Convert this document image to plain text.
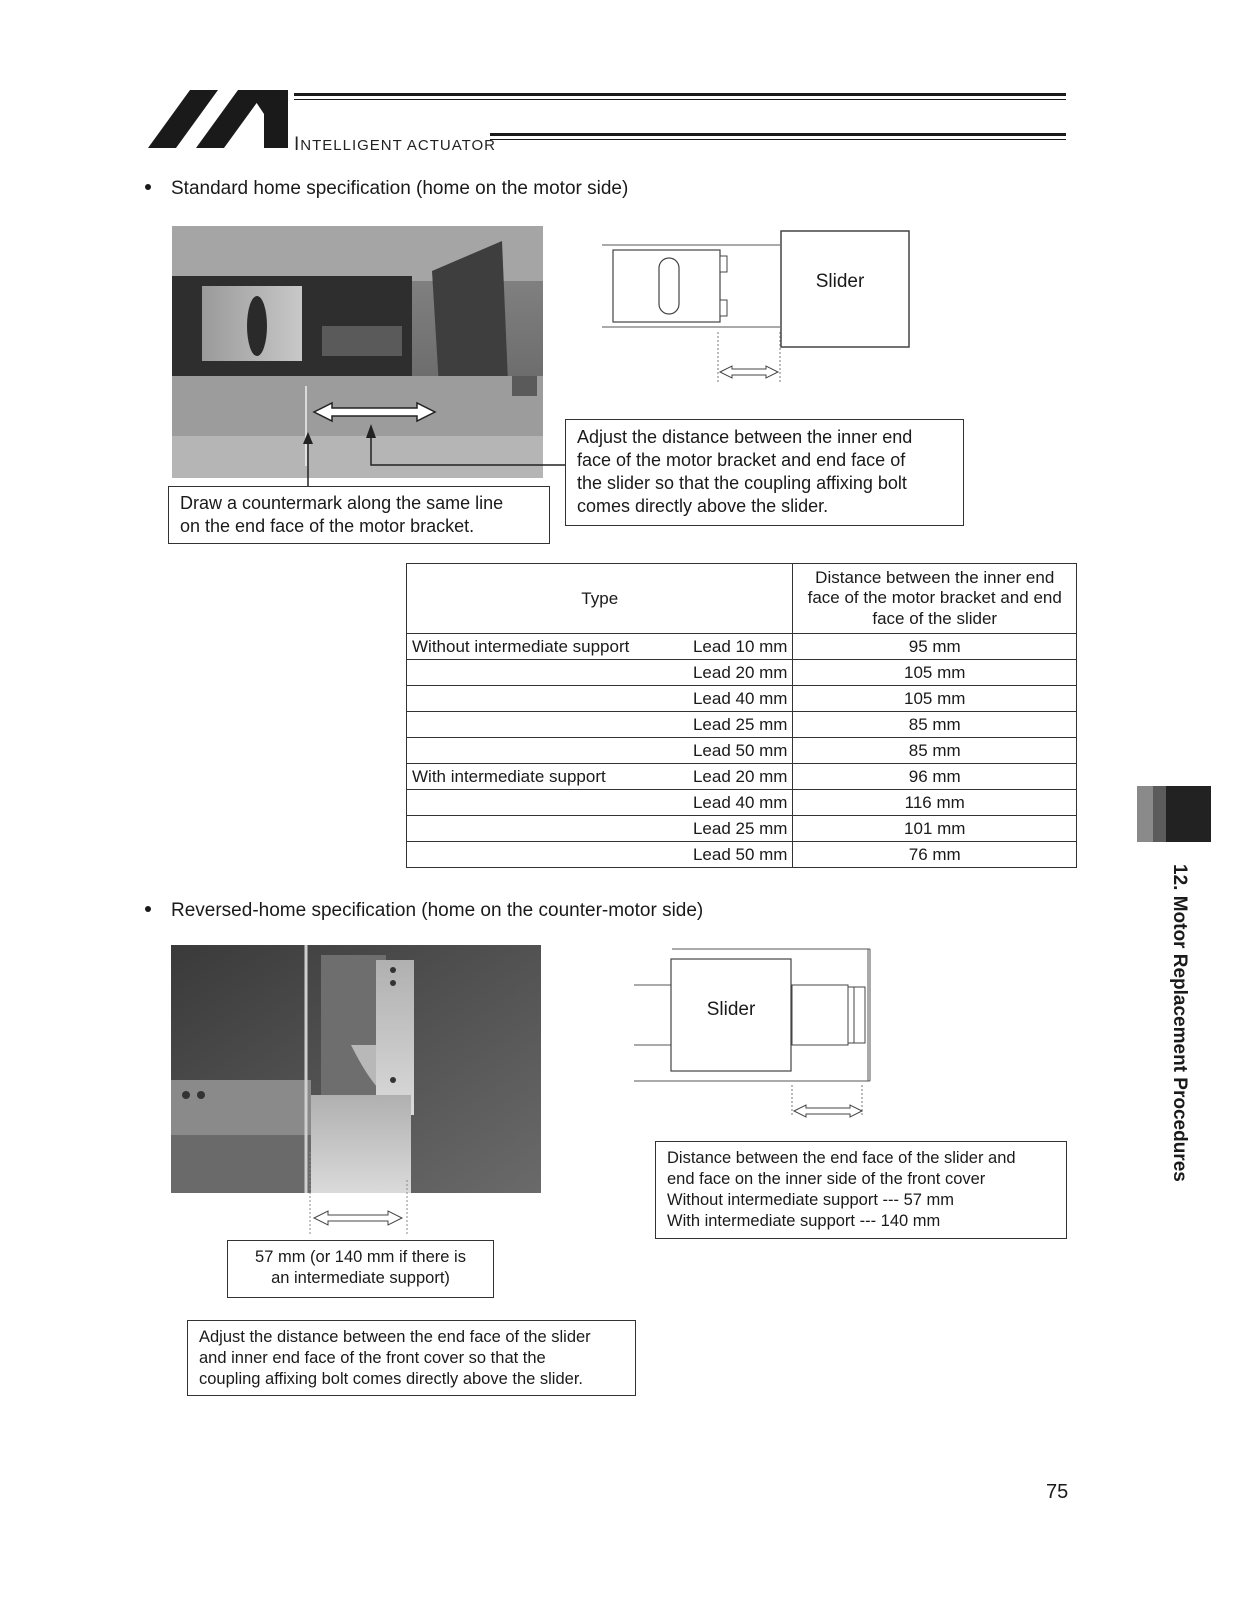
INTELLIGENT ACTUATOR
Standard home specification (home on the motor side)
Slider
Adjust the distance between the inner end
face of the motor bracket and end face of
the slider so that the coupling affixing bolt
comes directly above the slider.
Draw a countermark along the same line
on the end face of the motor bracket.
Type		Distance between the inner end
face of the motor bracket and end
face of the slider

Without intermediate support	Lead 10 mm	95 mm
	Lead 20 mm	105 mm
	Lead 40 mm	105 mm
	Lead 25 mm	85 mm
	Lead 50 mm	85 mm
With intermediate support	Lead 20 mm	96 mm
	Lead 40 mm	116 mm
	Lead 25 mm	101 mm
	Lead 50 mm	76 mm
Reversed-home specification (home on the counter-motor side)
Slider
Distance between the end face of the slider and
end face on the inner side of the front cover
Without intermediate support --- 57 mm
With intermediate support --- 140 mm
57 mm (or 140 mm if there is
an intermediate support)
Adjust the distance between the end face of the slider
and inner end face of the front cover so that the
coupling affixing bolt comes directly above the slider.
12. Motor Replacement Procedures
75
